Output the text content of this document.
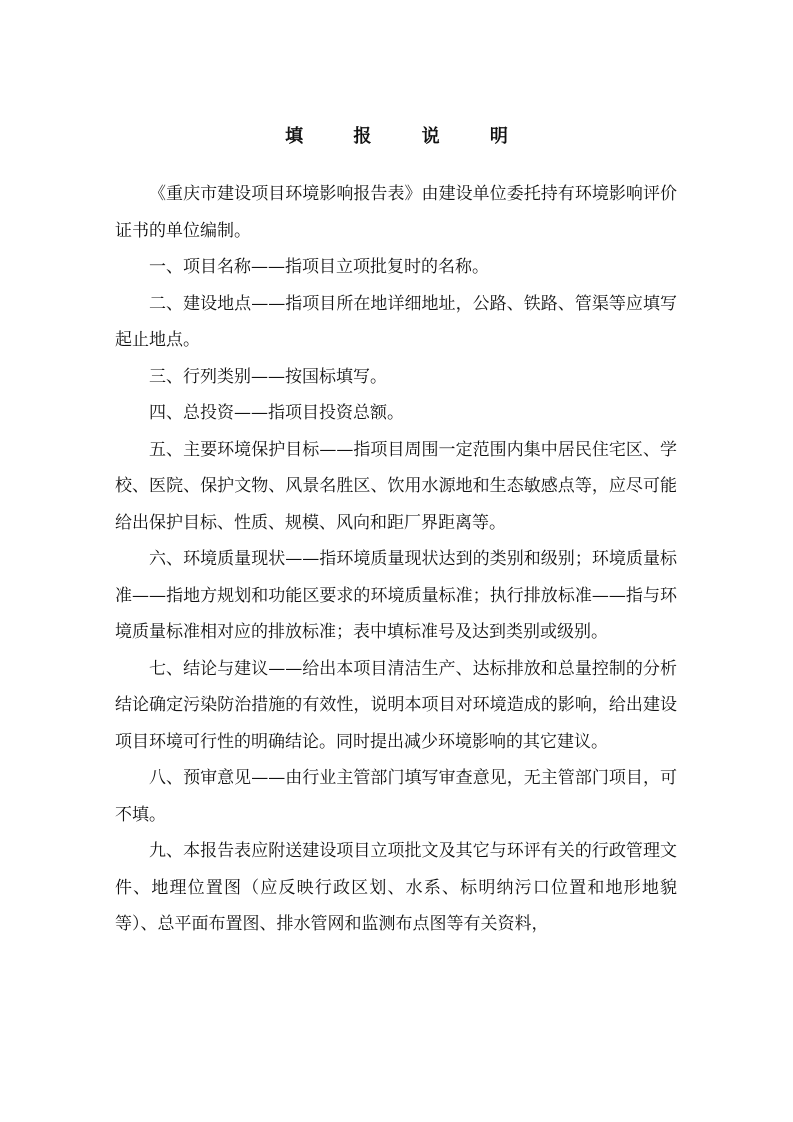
填 报 说 明

《重庆市建设项目环境影响报告表》由建设单位委托持有环境影响评价证书的单位编制。

一、项目名称——指项目立项批复时的名称。

二、建设地点——指项目所在地详细地址，公路、铁路、管渠等应填写起止地点。

三、行列类别——按国标填写。

四、总投资——指项目投资总额。

五、主要环境保护目标——指项目周围一定范围内集中居民住宅区、学校、医院、保护文物、风景名胜区、饮用水源地和生态敏感点等，应尽可能给出保护目标、性质、规模、风向和距厂界距离等。

六、环境质量现状——指环境质量现状达到的类别和级别；环境质量标准——指地方规划和功能区要求的环境质量标准；执行排放标准——指与环境质量标准相对应的排放标准；表中填标准号及达到类别或级别。

七、结论与建议——给出本项目清洁生产、达标排放和总量控制的分析结论确定污染防治措施的有效性，说明本项目对环境造成的影响，给出建设项目环境可行性的明确结论。同时提出减少环境影响的其它建议。

八、预审意见——由行业主管部门填写审查意见，无主管部门项目，可不填。

九、本报告表应附送建设项目立项批文及其它与环评有关的行政管理文件、地理位置图（应反映行政区划、水系、标明纳污口位置和地形地貌等）、总平面布置图、排水管网和监测布点图等有关资料，
